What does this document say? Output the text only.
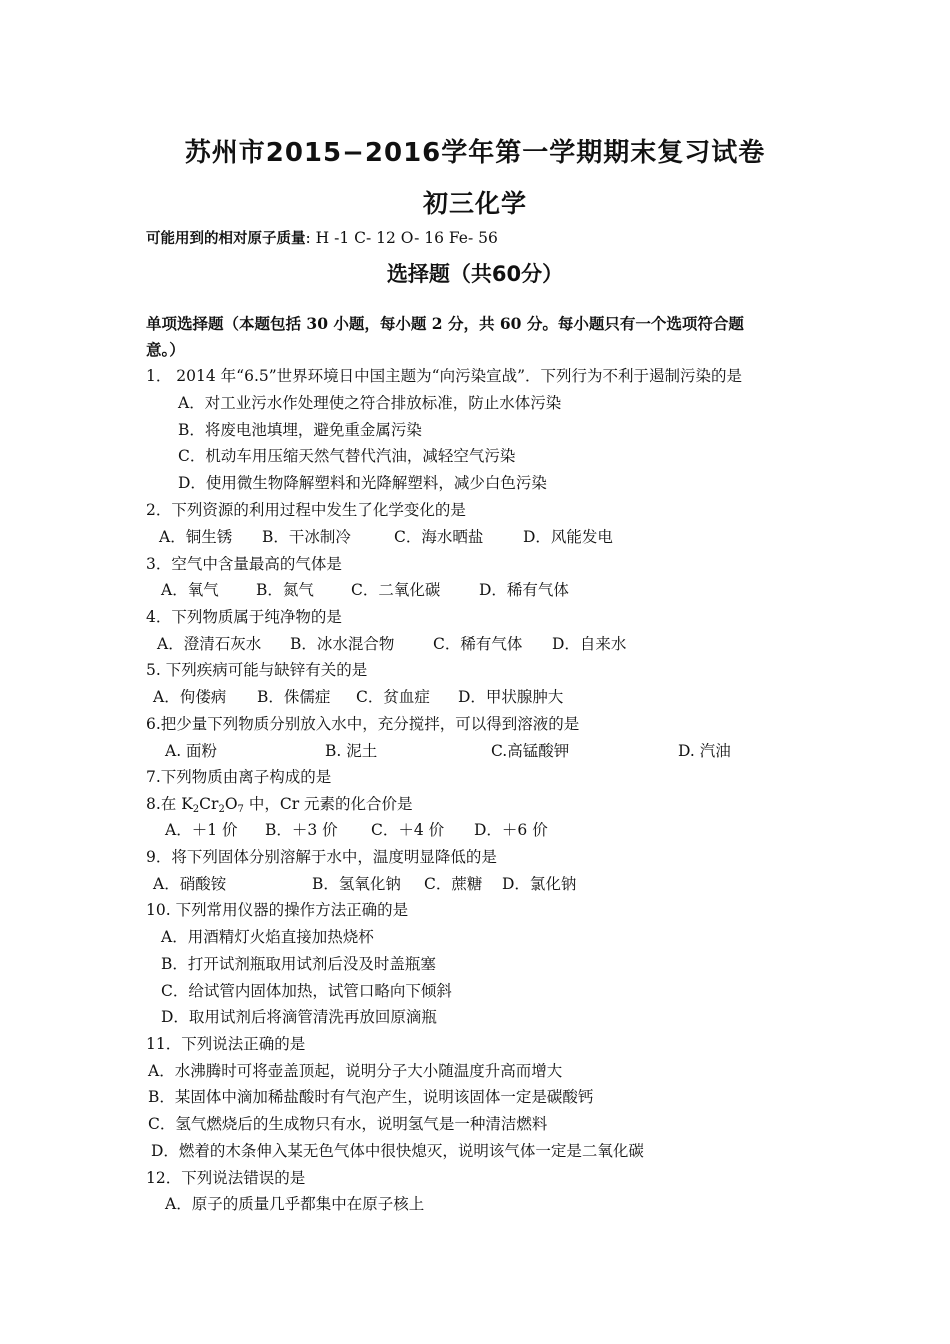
苏州市2015−2016学年第一学期期末复习试卷
初三化学
可能用到的相对原子质量: H -1 C- 12 O- 16 Fe- 56
选择题（共60分）
单项选择题（本题包括 30 小题，每小题 2 分，共 60 分。每小题只有一个选项符合题
意。）
1． 2014 年“6.5”世界环境日中国主题为“向污染宣战”．下列行为不利于遏制污染的是
A．对工业污水作处理使之符合排放标准，防止水体污染
B．将废电池填埋，避免重金属污染
C．机动车用压缩天然气替代汽油，减轻空气污染
D．使用微生物降解塑料和光降解塑料，减少白色污染
2．下列资源的利用过程中发生了化学变化的是
A．铜生锈 B．干冰制冷	C．海水晒盐	D．风能发电
3．空气中含量最高的气体是
A．氧气 B．氮气 C．二氧化碳 D．稀有气体
4．下列物质属于纯净物的是
A．澄清石灰水 B．冰水混合物 C．稀有气体 D．自来水
5. 下列疾病可能与缺锌有关的是
A．佝偻病 B．侏儒症 C．贫血症 D．甲状腺肿大
6.把少量下列物质分别放入水中，充分搅拌，可以得到溶液的是
A. 面粉	B. 泥土	C.高锰酸钾	D. 汽油
7.下列物质由离子构成的是
8.在 $K_2Cr_2O_7$ 中，Cr 元素的化合价是
A．＋1 价 B．＋3 价 C．＋4 价 D．＋6 价
9．将下列固体分别溶解于水中，温度明显降低的是
A．硝酸铵	B．氢氧化钠 C．蔗糖 D．氯化钠
10. 下列常用仪器的操作方法正确的是
A．用酒精灯火焰直接加热烧杯
B．打开试剂瓶取用试剂后没及时盖瓶塞
C．给试管内固体加热，试管口略向下倾斜
D．取用试剂后将滴管清洗再放回原滴瓶
11．下列说法正确的是
A．水沸腾时可将壶盖顶起，说明分子大小随温度升高而增大
B．某固体中滴加稀盐酸时有气泡产生，说明该固体一定是碳酸钙
C．氢气燃烧后的生成物只有水，说明氢气是一种清洁燃料
D．燃着的木条伸入某无色气体中很快熄灭，说明该气体一定是二氧化碳
12．下列说法错误的是
A．原子的质量几乎都集中在原子核上
